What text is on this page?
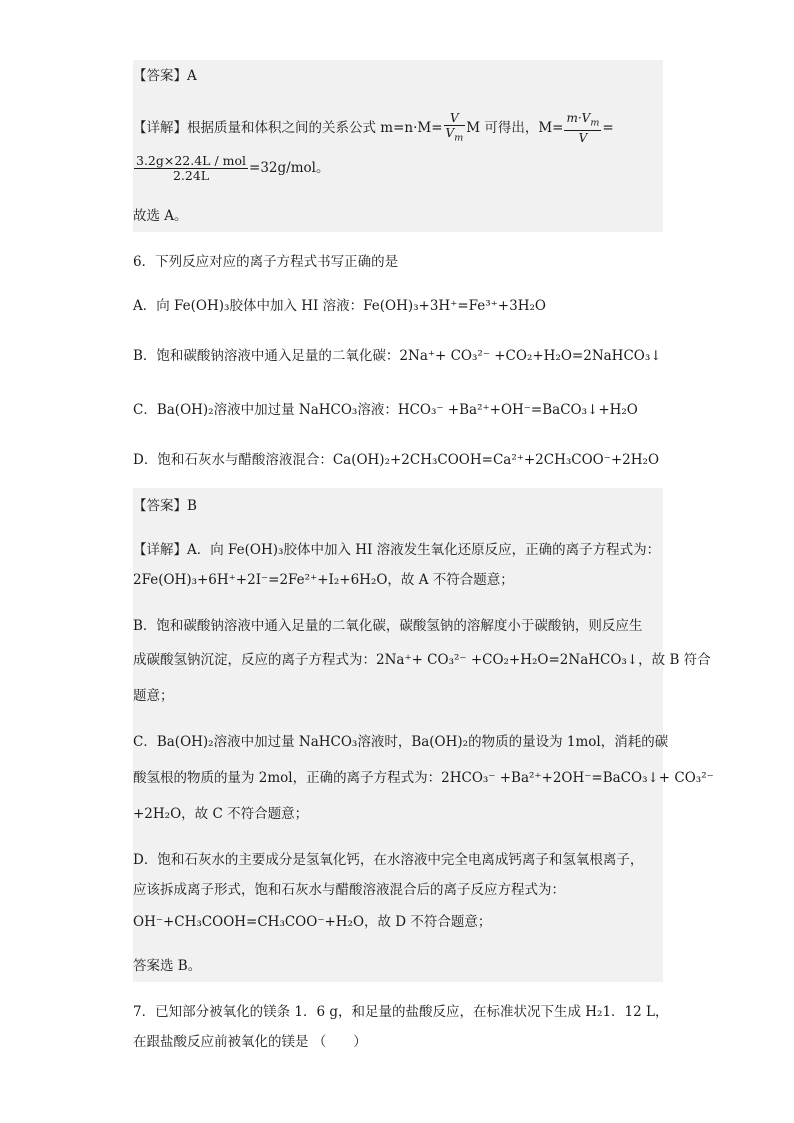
【答案】A
【详解】根据质量和体积之间的关系公式 $m=n\cdot M= \frac{V}{V_m}$ M 可得出，$M= \frac{m\cdot V_m}{V}$ =
$\frac{\text{3.2g×22.4L / mol}}{2.24L} =32g/mol$。
故选 A。
6．下列反应对应的离子方程式书写正确的是
A．向 Fe(OH)₃胶体中加入 HI 溶液：Fe(OH)₃+3H⁺=Fe³⁺+3H₂O
B．饱和碳酸钠溶液中通入足量的二氧化碳：2Na⁺+ CO₃²⁻ +CO₂+H₂O=2NaHCO₃↓
C．Ba(OH)₂溶液中加过量 NaHCO₃溶液：HCO₃⁻ +Ba²⁺+OH⁻=BaCO₃↓+H₂O
D．饱和石灰水与醋酸溶液混合：Ca(OH)₂+2CH₃COOH=Ca²⁺+2CH₃COO⁻+2H₂O
【答案】B
【详解】A．向 Fe(OH)₃胶体中加入 HI 溶液发生氧化还原反应，正确的离子方程式为：
2Fe(OH)₃+6H⁺+2I⁻=2Fe²⁺+I₂+6H₂O，故 A 不符合题意；
B．饱和碳酸钠溶液中通入足量的二氧化碳，碳酸氢钠的溶解度小于碳酸钠，则反应生
成碳酸氢钠沉淀，反应的离子方程式为：2Na⁺+ CO₃²⁻ +CO₂+H₂O=2NaHCO₃↓，故 B 符合
题意；
C．Ba(OH)₂溶液中加过量 NaHCO₃溶液时，Ba(OH)₂的物质的量设为 1mol，消耗的碳
酸氢根的物质的量为 2mol，正确的离子方程式为：2HCO₃⁻ +Ba²⁺+2OH⁻=BaCO₃↓+ CO₃²⁻
+2H₂O，故 C 不符合题意；
D．饱和石灰水的主要成分是氢氧化钙，在水溶液中完全电离成钙离子和氢氧根离子，
应该拆成离子形式，饱和石灰水与醋酸溶液混合后的离子反应方程式为：
OH⁻+CH₃COOH=CH₃COO⁻+H₂O，故 D 不符合题意；
答案选 B。
7．已知部分被氧化的镁条 1．6 g，和足量的盐酸反应，在标准状况下生成 H₂1．12 L，
在跟盐酸反应前被氧化的镁是 （　　）
